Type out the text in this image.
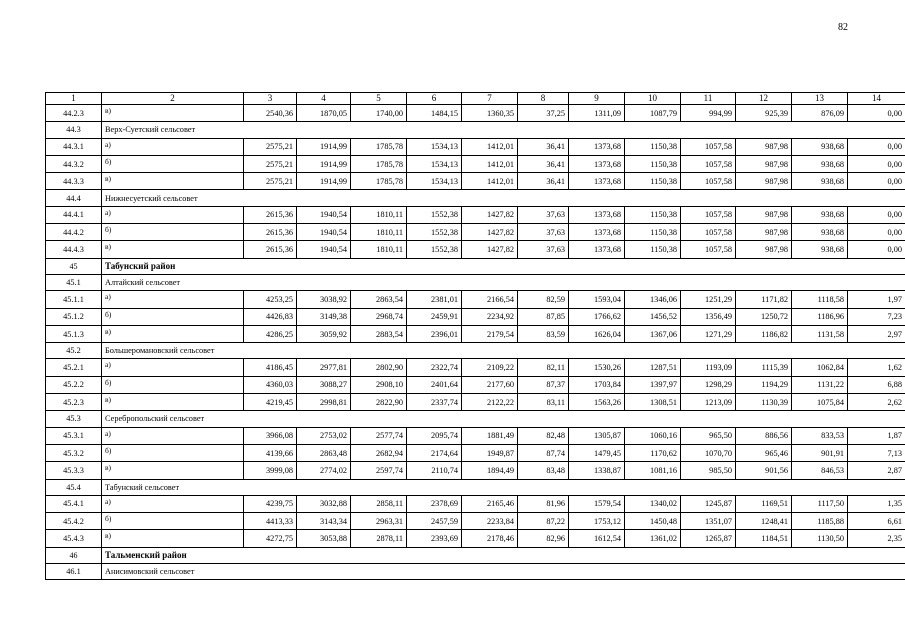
82
1	2	3	4	5	6	7	8	9	10	11	12	13	14
44.2.3	в)	2540,36	1870,05	1740,00	1484,15	1360,35	37,25	1311,09	1087,79	994,99	925,39	876,09	0,00
44.3	Верх-Суетский сельсовет												
44.3.1	а)	2575,21	1914,99	1785,78	1534,13	1412,01	36,41	1373,68	1150,38	1057,58	987,98	938,68	0,00
44.3.2	б)	2575,21	1914,99	1785,78	1534,13	1412,01	36,41	1373,68	1150,38	1057,58	987,98	938,68	0,00
44.3.3	в)	2575,21	1914,99	1785,78	1534,13	1412,01	36,41	1373,68	1150,38	1057,58	987,98	938,68	0,00
44.4	Нижнесуетский сельсовет												
44.4.1	а)	2615,36	1940,54	1810,11	1552,38	1427,82	37,63	1373,68	1150,38	1057,58	987,98	938,68	0,00
44.4.2	б)	2615,36	1940,54	1810,11	1552,38	1427,82	37,63	1373,68	1150,38	1057,58	987,98	938,68	0,00
44.4.3	в)	2615,36	1940,54	1810,11	1552,38	1427,82	37,63	1373,68	1150,38	1057,58	987,98	938,68	0,00
45	Табунский район												
45.1	Алтайский сельсовет												
45.1.1	а)	4253,25	3038,92	2863,54	2381,01	2166,54	82,59	1593,04	1346,06	1251,29	1171,82	1118,58	1,97
45.1.2	б)	4426,83	3149,38	2968,74	2459,91	2234,92	87,85	1766,62	1456,52	1356,49	1250,72	1186,96	7,23
45.1.3	в)	4286,25	3059,92	2883,54	2396,01	2179,54	83,59	1626,04	1367,06	1271,29	1186,82	1131,58	2,97
45.2	Большеромановский сельсовет												
45.2.1	а)	4186,45	2977,81	2802,90	2322,74	2109,22	82,11	1530,26	1287,51	1193,09	1115,39	1062,84	1,62
45.2.2	б)	4360,03	3088,27	2908,10	2401,64	2177,60	87,37	1703,84	1397,97	1298,29	1194,29	1131,22	6,88
45.2.3	в)	4219,45	2998,81	2822,90	2337,74	2122,22	83,11	1563,26	1308,51	1213,09	1130,39	1075,84	2,62
45.3	Серебропольский сельсовет												
45.3.1	а)	3966,08	2753,02	2577,74	2095,74	1881,49	82,48	1305,87	1060,16	965,50	886,56	833,53	1,87
45.3.2	б)	4139,66	2863,48	2682,94	2174,64	1949,87	87,74	1479,45	1170,62	1070,70	965,46	901,91	7,13
45.3.3	в)	3999,08	2774,02	2597,74	2110,74	1894,49	83,48	1338,87	1081,16	985,50	901,56	846,53	2,87
45.4	Табунский сельсовет												
45.4.1	а)	4239,75	3032,88	2858,11	2378,69	2165,46	81,96	1579,54	1340,02	1245,87	1169,51	1117,50	1,35
45.4.2	б)	4413,33	3143,34	2963,31	2457,59	2233,84	87,22	1753,12	1450,48	1351,07	1248,41	1185,88	6,61
45.4.3	в)	4272,75	3053,88	2878,11	2393,69	2178,46	82,96	1612,54	1361,02	1265,87	1184,51	1130,50	2,35
46	Тальменский район												
46.1	Анисимовский сельсовет												
